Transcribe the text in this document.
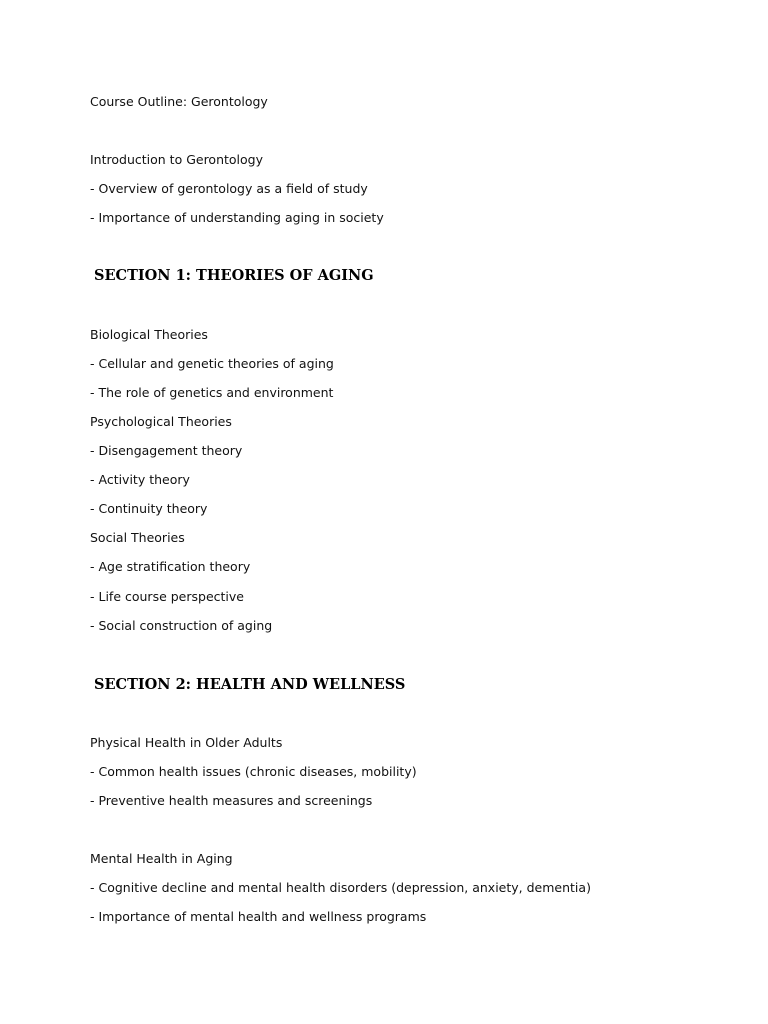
Course Outline: Gerontology
Introduction to Gerontology
- Overview of gerontology as a field of study
- Importance of understanding aging in society
SECTION 1: THEORIES OF AGING
Biological Theories
- Cellular and genetic theories of aging
- The role of genetics and environment
Psychological Theories
- Disengagement theory
- Activity theory
- Continuity theory
Social Theories
- Age stratification theory
- Life course perspective
- Social construction of aging
SECTION 2: HEALTH AND WELLNESS
Physical Health in Older Adults
- Common health issues (chronic diseases, mobility)
- Preventive health measures and screenings
Mental Health in Aging
- Cognitive decline and mental health disorders (depression, anxiety, dementia)
- Importance of mental health and wellness programs
